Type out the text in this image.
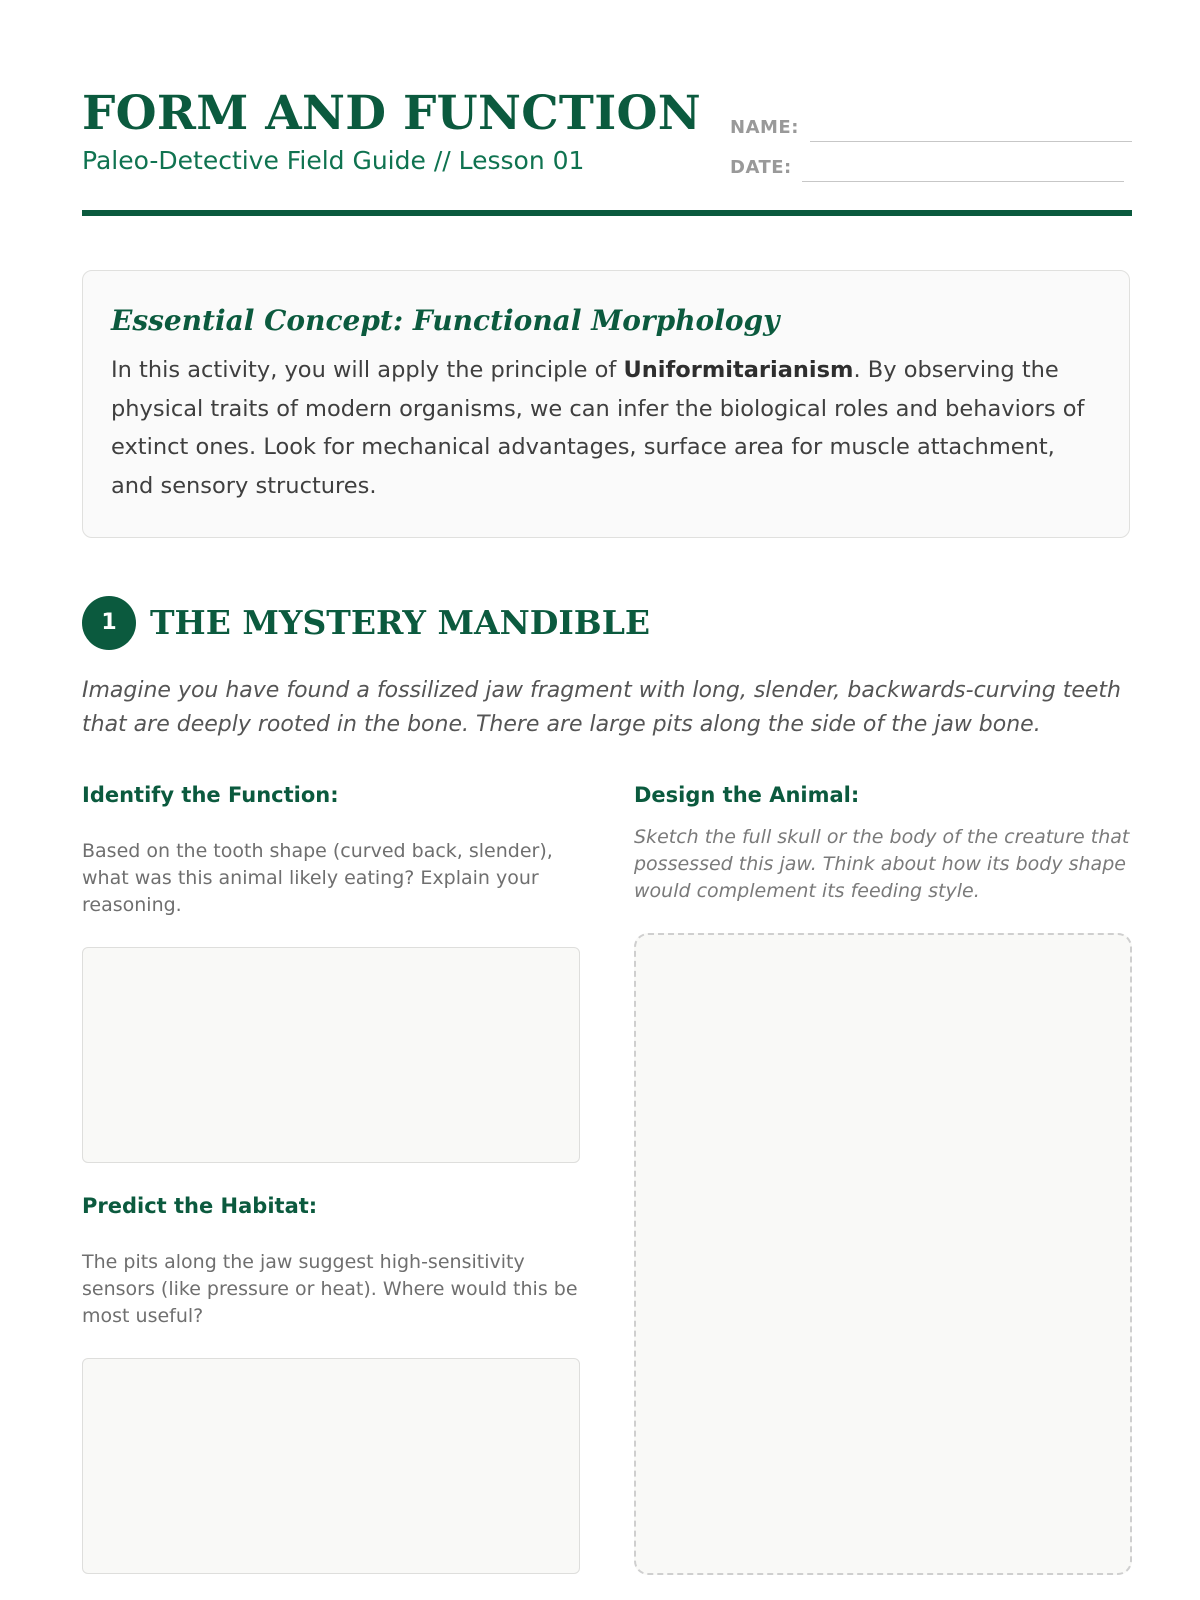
FORM AND FUNCTION
Paleo-Detective Field Guide // Lesson 01
NAME:
DATE:
Essential Concept: Functional Morphology

In this activity, you will apply the principle of Uniformitarianism. By observing the physical traits of modern organisms, we can infer the biological roles and behaviors of extinct ones. Look for mechanical advantages, surface area for muscle attachment, and sensory structures.

1	THE MYSTERY MANDIBLE

Imagine you have found a fossilized jaw fragment with long, slender, backwards-curving teeth that are deeply rooted in the bone. There are large pits along the side of the jaw bone.

Identify the Function:

Based on the tooth shape (curved back, slender), what was this animal likely eating? Explain your reasoning.

Predict the Habitat:

The pits along the jaw suggest high-sensitivity sensors (like pressure or heat). Where would this be most useful?

Design the Animal:

Sketch the full skull or the body of the creature that possessed this jaw. Think about how its body shape would complement its feeding style.
